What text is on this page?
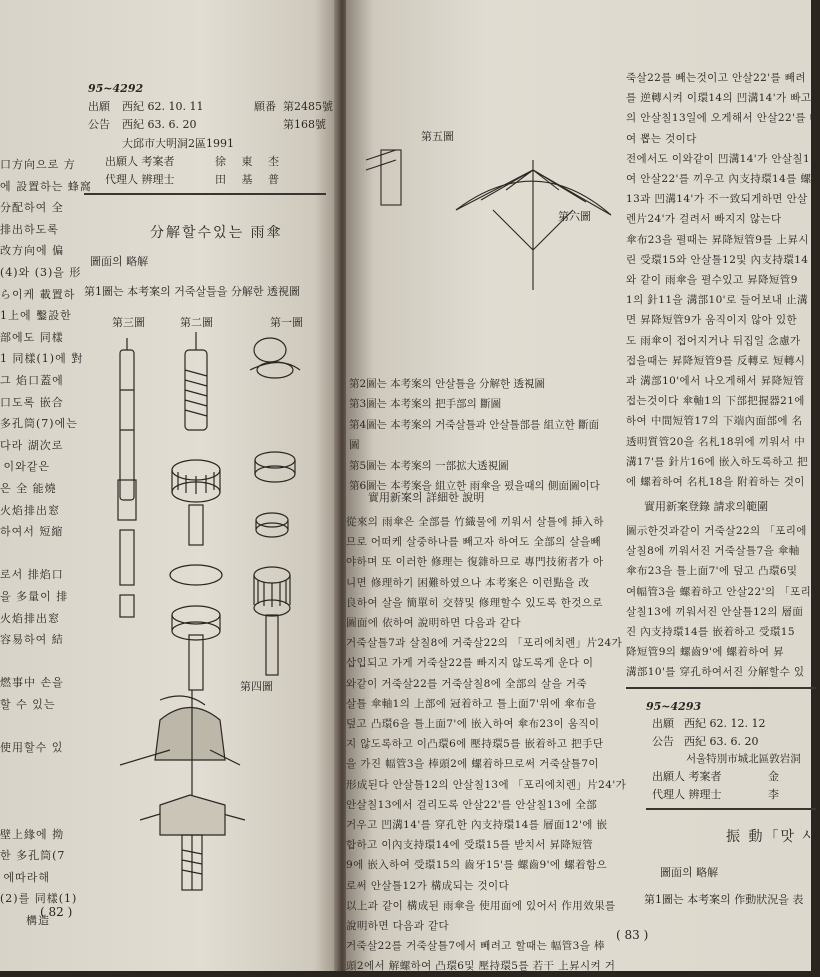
口方向으로 方
에 設置하는 蜂窩
分配하여 全
排出하도록
改方向에 偏
(4)와 (3)을 形
ら이케 載置하
1上에 鑿設한
部에도 同樣
1 同樣(1)에 對
그 焰口蓋에
口도록 嵌合
多孔筒(7)에는
다라 湖次로
이와같은
은 全 能燒
火焰排出窓
하여서 短縮
로서 排焰口
을 多量이 排
火焰排出窓
容易하여 結
燃事中 손을
할 수 있는
使用할수 있
壁上緣에 拗
한 多孔筒(7
에따라해
(2)를 同樣(1)
構造
95~4292
出願 西紀 62. 10. 11	願番 第2485號
公告 西紀 63. 6. 20	第168號
大邱市大明洞2區1991
出願人 考案者	徐 東 杢
代理人 辨理士	田 基 普
分解할수있는 雨傘
圖面의 略解
第1圖는 本考案의 거죽살틀을 分解한 透視圖
第三圖	第二圖	第一圖
第四圖
( 82 )
第五圖
第六圖
第2圖는 本考案의 안살틀을 分解한 透視圖
第3圖는 本考案의 把手部의 斷圖
第4圖는 本考案의 거죽살틀과 안살틀部를 組立한 斷面
圖
第5圖는 本考案의 一部拡大透視圖
第6圖는 本考案을 組立한 雨傘을 폈을때의 側面圖이다
實用新案의 詳細한 說明
從來의 雨傘은 全部를 竹織물에 끼워서 살틀에 挿入하
므로 어떠케 살중하나를 빼고자 하여도 全部의 살을빼
야하며 또 이러한 修理는 復雜하므로 專門技術者가 아
니면 修理하기 困難하였으나 本考案은 이런點을 改
良하여 살을 簡單히 交替및 修理할수 있도록 한것으로
圖面에 依하여 說明하면 다음과 같다
거죽살틀7과 살칠8에 거죽살22의 「포리에치렌」片24가
삽입되고 가게 거죽살22를 빠지지 않도록게 운다 이
와같이 거죽살22를 거죽살칠8에 全部의 살을 거죽
살틀 傘軸1의 上部에 冠着하고 틀上面7'위에 傘布을
덮고 凸環6을 틀上面7'에 嵌入하여 傘布23이 움직이
지 않도록하고 이凸環6에 壓持環5를 嵌着하고 把手단
을 가진 幅管3을 棒頭2에 螺着하므로써 거죽살틀7이
形成된다 안살틀12의 안살칠13에 「포리에치렌」片24'가
안살칠13에서 걸리도록 안살22'를 안살칠13에 全部
거우고 凹溝14'를 穿孔한 內支持環14를 層面12'에 嵌
합하고 이內支持環14에 受環15를 받치서 昇降短管
9에 嵌入하여 受環15의 齒牙15'를 螺齒9'에 螺着함으
로써 안살틀12가 構成되는 것이다
以上과 같이 構成된 雨傘을 使用面에 있어서 作用效果를
說明하면 다음과 같다
거죽살22를 거죽살틀7에서 빼려고 할때는 幅管3을 棒
頭2에서 解螺하여 凸環6및 壓持環5를 若干 上昇시켜 거
죽살22를 빼는것이고 안살22'를 빼려
를 逆轉시켜 이環14의 凹溝14'가 빠고
의 안살칠13일에 오게해서 안살22'를 빼
여 뽑는 것이다
전에서도 이와같이 凹溝14'가 안살칠1
여 안살22'를 끼우고 內支持環14를 螺
13과 凹溝14'가 不一致되게하면 안살
렌片24'가 걸려서 빠지지 않는다
傘布23을 펼때는 昇降短管9를 上昇시
린 受環15와 안살틀12및 內支持環14
와 같이 雨傘을 펼수있고 昇降短管9
1의 針11을 溝部10'로 들어보내 止溝
면 昇降短管9가 움직이지 않아 있한
도 雨傘이 접어지거나 뒤집일 念慮가
접을때는 昇降短管9를 反轉로 短轉시
과 溝部10'에서 나오게해서 昇降短管
접는것이다 傘軸1의 下部把握器21에
하여 中間短管17의 下端內面部에 名
透明質管20을 名札18위에 끼워서 中
溝17'를 針片16에 嵌入하도록하고 把
에 螺着하여 名札18을 附着하는 것이
實用新案登錄 請求의範圍
圖示한것과같이 거죽살22의 「포리에
살칠8에 끼워서진 거죽살틀7을 傘軸
傘布23을 틀上面7'에 덮고 凸環6및
여幅管3을 螺着하고 안살22'의 「포리
살칠13에 끼워서진 안살틀12의 層面
진 內支持環14를 嵌着하고 受環15
降短管9의 螺齒9'에 螺着하여 昇
溝部10'를 穿孔하여서진 分解할수 있
95~4293
出願 西紀 62. 12. 12
公告 西紀 63. 6. 20
서울特別市城北區敦岩洞
出願人 考案者	金
代理人 辨理士	李
振 動「맛 사
圖面의 略解
第1圖는 本考案의 作動狀況을 表
( 83 )
